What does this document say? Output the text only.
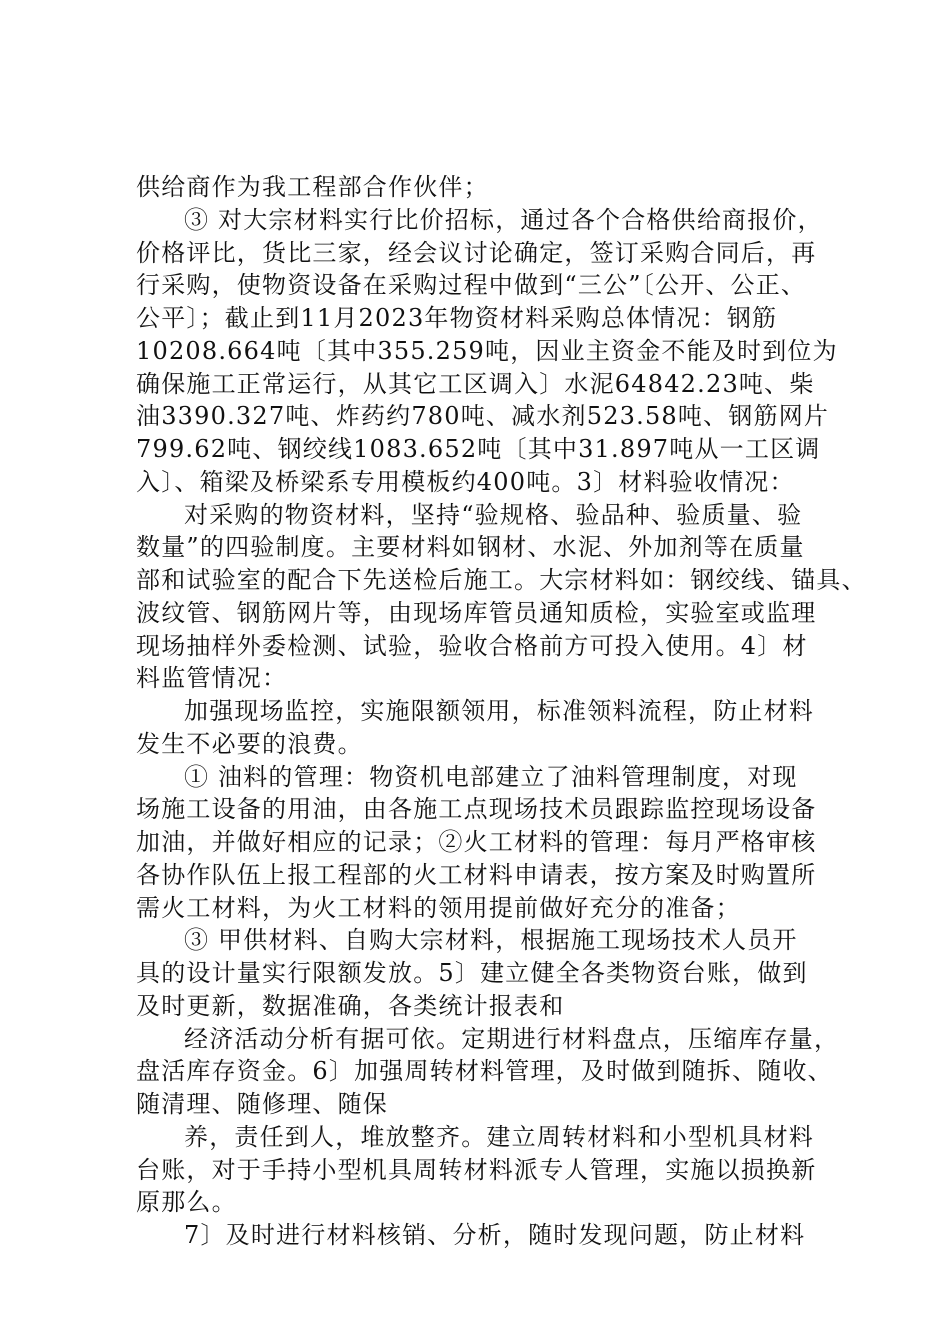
供给商作为我工程部合作伙伴；

③ 对大宗材料实行比价招标，通过各个合格供给商报价，

价格评比，货比三家，经会议讨论确定，签订采购合同后，再

行采购，使物资设备在采购过程中做到“三公”〔公开、公正、

公平〕；截止到11月2023年物资材料采购总体情况：钢筋

10208.664吨〔其中355.259吨，因业主资金不能及时到位为

确保施工正常运行，从其它工区调入〕水泥64842.23吨、柴

油3390.327吨、炸药约780吨、减水剂523.58吨、钢筋网片

799.62吨、钢绞线1083.652吨〔其中31.897吨从一工区调

入〕、箱梁及桥梁系专用模板约400吨。3〕材料验收情况：

对采购的物资材料，坚持“验规格、验品种、验质量、验

数量”的四验制度。主要材料如钢材、水泥、外加剂等在质量

部和试验室的配合下先送检后施工。大宗材料如：钢绞线、锚具、

波纹管、钢筋网片等，由现场库管员通知质检，实验室或监理

现场抽样外委检测、试验，验收合格前方可投入使用。4〕材

料监管情况：

加强现场监控，实施限额领用，标准领料流程，防止材料

发生不必要的浪费。

① 油料的管理：物资机电部建立了油料管理制度，对现

场施工设备的用油，由各施工点现场技术员跟踪监控现场设备

加油，并做好相应的记录；②火工材料的管理：每月严格审核

各协作队伍上报工程部的火工材料申请表，按方案及时购置所

需火工材料，为火工材料的领用提前做好充分的准备；

③ 甲供材料、自购大宗材料，根据施工现场技术人员开

具的设计量实行限额发放。5〕建立健全各类物资台账，做到

及时更新，数据准确，各类统计报表和

经济活动分析有据可依。定期进行材料盘点，压缩库存量，

盘活库存资金。6〕加强周转材料管理，及时做到随拆、随收、

随清理、随修理、随保

养，责任到人，堆放整齐。建立周转材料和小型机具材料

台账，对于手持小型机具周转材料派专人管理，实施以损换新

原那么。

7〕及时进行材料核销、分析，随时发现问题，防止材料
